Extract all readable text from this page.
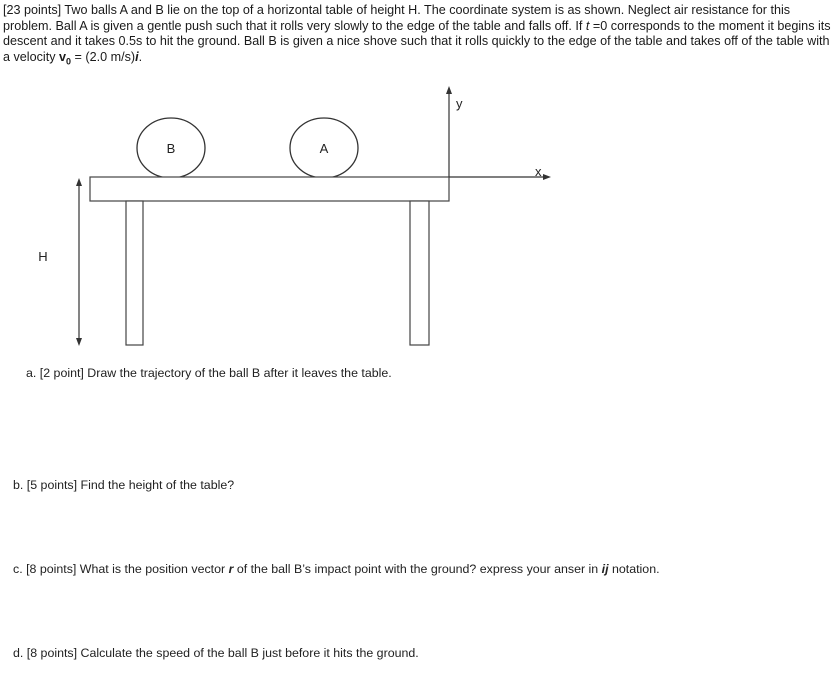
[23 points] Two balls A and B lie on the top of a horizontal table of height H. The coordinate system is as shown. Neglect air resistance for this problem. Ball A is given a gentle push such that it rolls very slowly to the edge of the table and falls off. If t =0 corresponds to the moment it begins its descent and it takes 0.5s to hit the ground. Ball B is given a nice shove such that it rolls quickly to the edge of the table and takes off of the table with a velocity $v_0 = (2.0$ m/s)i.
B	A
y
x
H
a. [2 point] Draw the trajectory of the ball B after it leaves the table.
b. [5 points] Find the height of the table?
c. [8 points] What is the position vector r of the ball B’s impact point with the ground? express your anser in ij notation.
d. [8 points] Calculate the speed of the ball B just before it hits the ground.
